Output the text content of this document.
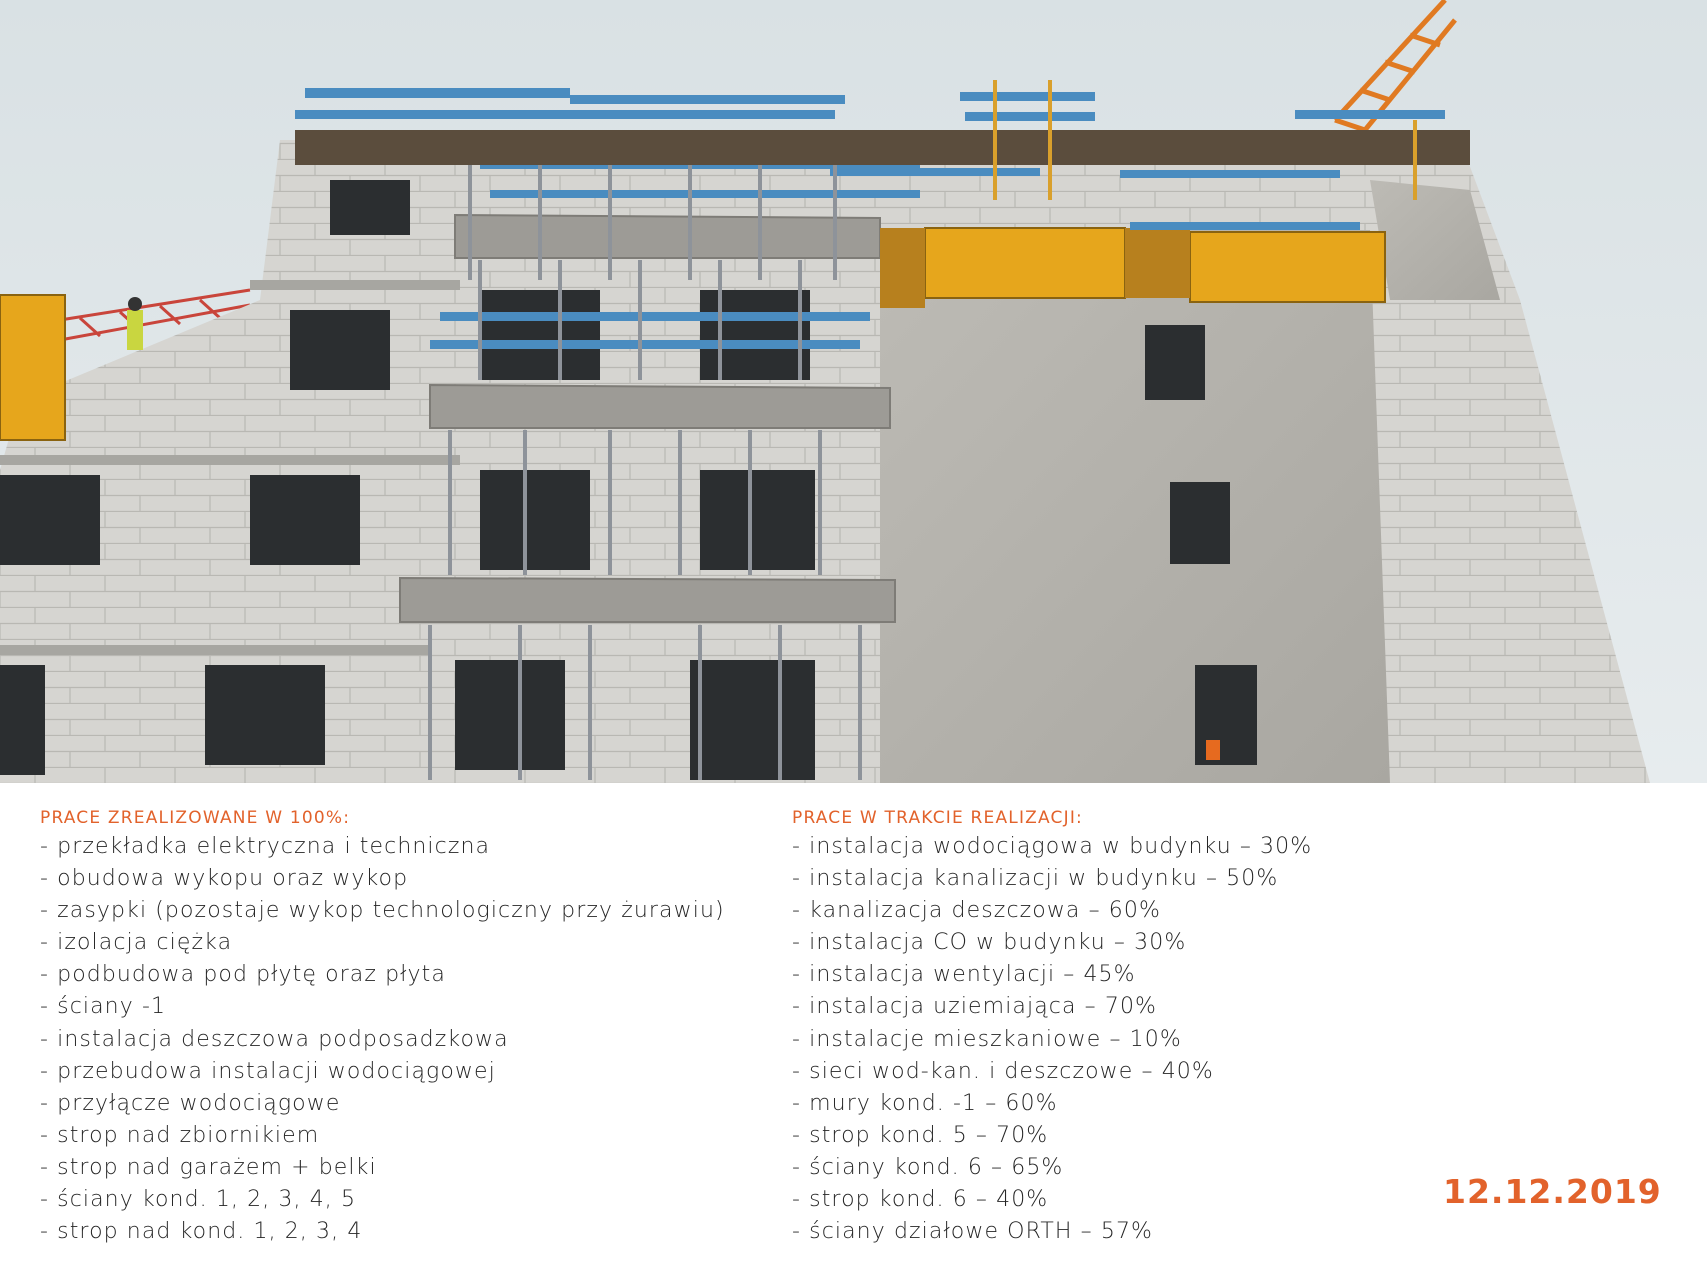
PRACE ZREALIZOWANE W 100%:
- przekładka elektryczna i techniczna
- obudowa wykopu oraz wykop
- zasypki (pozostaje wykop technologiczny przy żurawiu)
- izolacja ciężka
- podbudowa pod płytę oraz płyta
- ściany -1
- instalacja deszczowa podposadzkowa
- przebudowa instalacji wodociągowej
- przyłącze wodociągowe
- strop nad zbiornikiem
- strop nad garażem + belki
- ściany kond. 1, 2, 3, 4, 5
- strop nad kond. 1, 2, 3, 4
PRACE W TRAKCIE REALIZACJI:
- instalacja wodociągowa w budynku – 30%
- instalacja kanalizacji w budynku – 50%
- kanalizacja deszczowa – 60%
- instalacja CO w budynku – 30%
- instalacja wentylacji – 45%
- instalacja uziemiająca – 70%
- instalacje mieszkaniowe – 10%
- sieci wod-kan. i deszczowe – 40%
- mury kond. -1 – 60%
- strop kond. 5 – 70%
- ściany kond. 6 – 65%
- strop kond. 6 – 40%
- ściany działowe ORTH – 57%
12.12.2019
